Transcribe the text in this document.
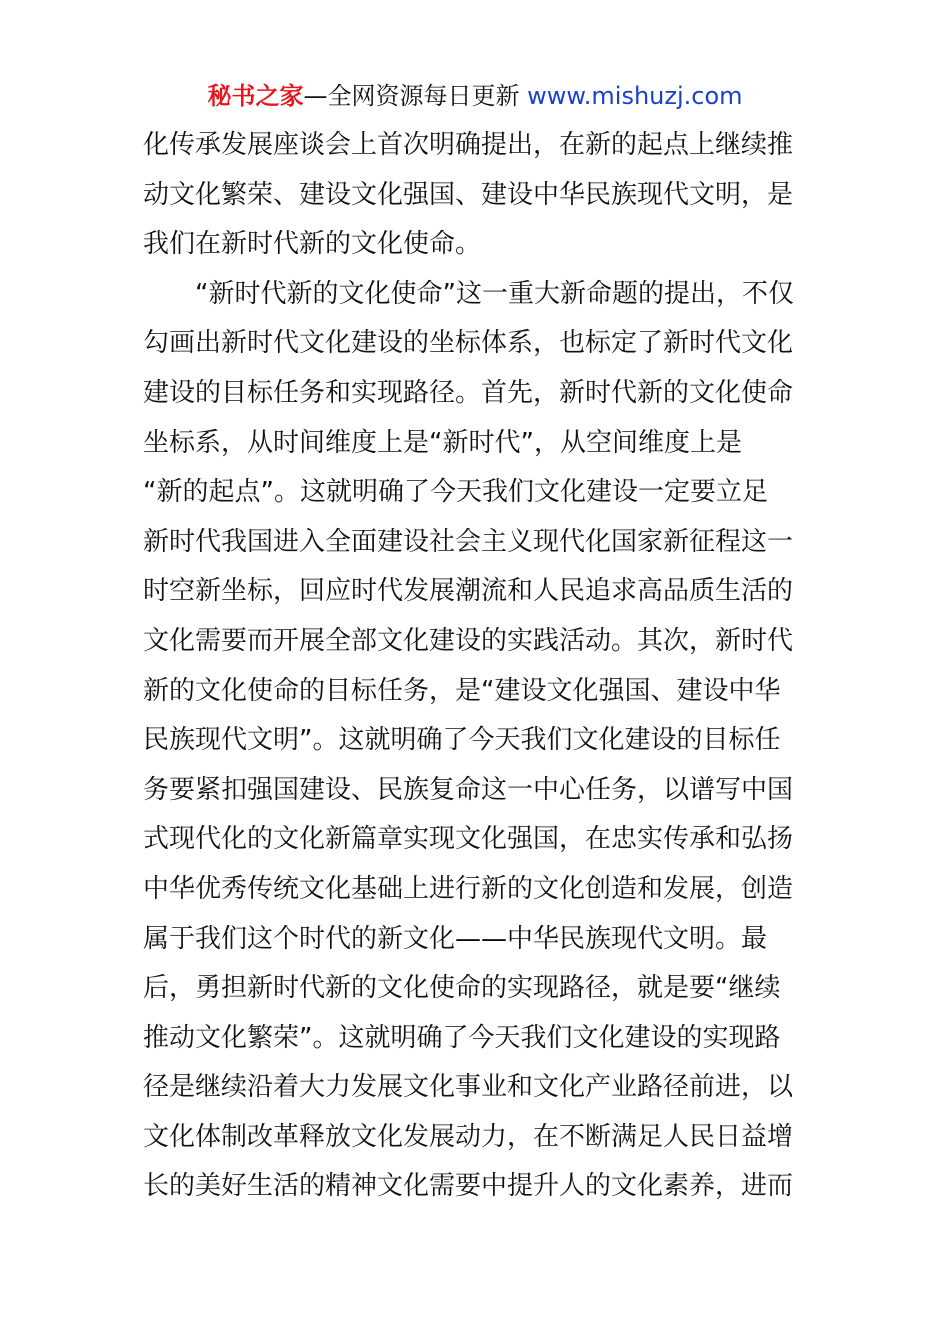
秘书之家—全网资源每日更新 www.mishuzj.com
化传承发展座谈会上首次明确提出，在新的起点上继续推
动文化繁荣、建设文化强国、建设中华民族现代文明，是
我们在新时代新的文化使命。
“新时代新的文化使命”这一重大新命题的提出，不仅
勾画出新时代文化建设的坐标体系，也标定了新时代文化
建设的目标任务和实现路径。首先，新时代新的文化使命
坐标系，从时间维度上是“新时代”，从空间维度上是
“新的起点”。这就明确了今天我们文化建设一定要立足
新时代我国进入全面建设社会主义现代化国家新征程这一
时空新坐标，回应时代发展潮流和人民追求高品质生活的
文化需要而开展全部文化建设的实践活动。其次，新时代
新的文化使命的目标任务，是“建设文化强国、建设中华
民族现代文明”。这就明确了今天我们文化建设的目标任
务要紧扣强国建设、民族复命这一中心任务，以谱写中国
式现代化的文化新篇章实现文化强国，在忠实传承和弘扬
中华优秀传统文化基础上进行新的文化创造和发展，创造
属于我们这个时代的新文化——中华民族现代文明。最
后，勇担新时代新的文化使命的实现路径，就是要“继续
推动文化繁荣”。这就明确了今天我们文化建设的实现路
径是继续沿着大力发展文化事业和文化产业路径前进，以
文化体制改革释放文化发展动力，在不断满足人民日益增
长的美好生活的精神文化需要中提升人的文化素养，进而
